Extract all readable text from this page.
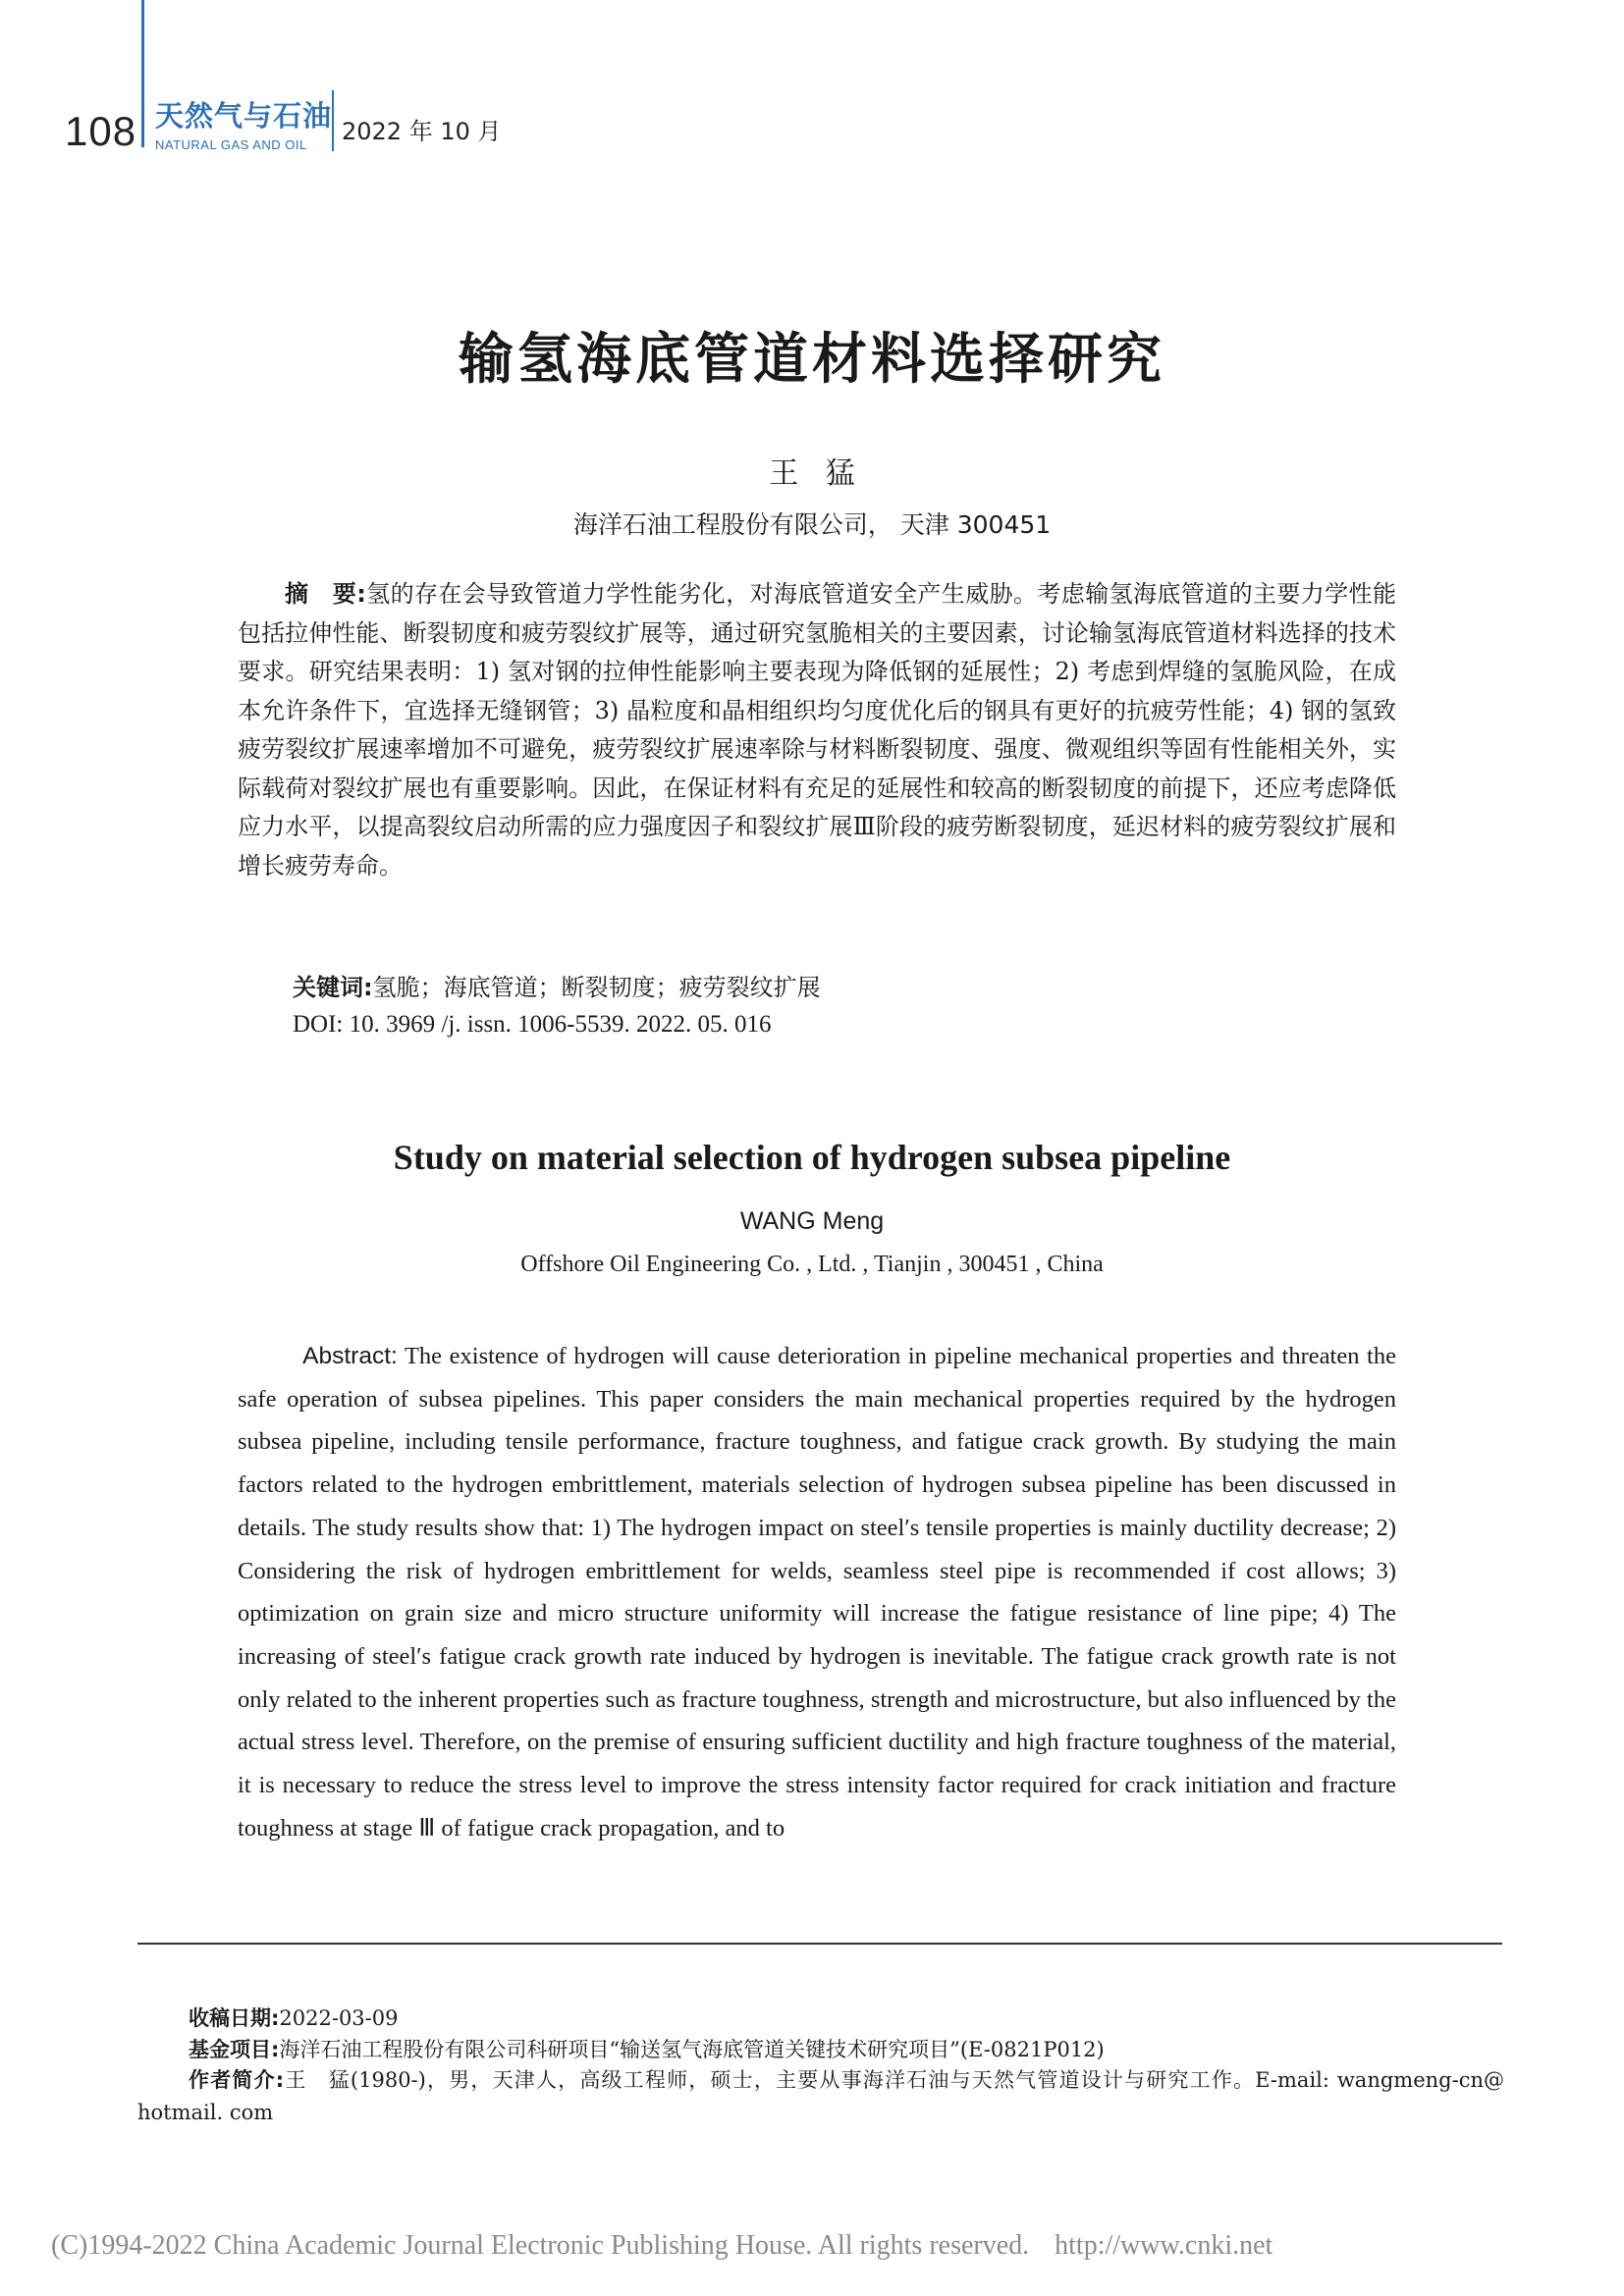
108 天然气与石油
NATURAL GAS AND OIL 2022 年 10 月
输氢海底管道材料选择研究
王 猛
海洋石油工程股份有限公司， 天津 300451
摘　要:氢的存在会导致管道力学性能劣化，对海底管道安全产生威胁。考虑输氢海底管道的主要力学性能包括拉伸性能、断裂韧度和疲劳裂纹扩展等，通过研究氢脆相关的主要因素，讨论输氢海底管道材料选择的技术要求。研究结果表明：1) 氢对钢的拉伸性能影响主要表现为降低钢的延展性；2) 考虑到焊缝的氢脆风险，在成本允许条件下，宜选择无缝钢管；3) 晶粒度和晶相组织均匀度优化后的钢具有更好的抗疲劳性能；4) 钢的氢致疲劳裂纹扩展速率增加不可避免，疲劳裂纹扩展速率除与材料断裂韧度、强度、微观组织等固有性能相关外，实际载荷对裂纹扩展也有重要影响。因此，在保证材料有充足的延展性和较高的断裂韧度的前提下，还应考虑降低应力水平，以提高裂纹启动所需的应力强度因子和裂纹扩展Ⅲ阶段的疲劳断裂韧度，延迟材料的疲劳裂纹扩展和增长疲劳寿命。
关键词:氢脆；海底管道；断裂韧度；疲劳裂纹扩展
DOI: 10. 3969 /j. issn. 1006-5539. 2022. 05. 016
Study on material selection of hydrogen subsea pipeline
WANG Meng
Offshore Oil Engineering Co. , Ltd. , Tianjin , 300451 , China
Abstract: The existence of hydrogen will cause deterioration in pipeline mechanical properties and threaten the safe operation of subsea pipelines. This paper considers the main mechanical properties required by the hydrogen subsea pipeline, including tensile performance, fracture toughness, and fatigue crack growth. By studying the main factors related to the hydrogen embrittlement, materials selection of hydrogen subsea pipeline has been discussed in details. The study results show that: 1) The hydrogen impact on steel′s tensile properties is mainly ductility decrease; 2) Considering the risk of hydrogen embrittlement for welds, seamless steel pipe is recommended if cost allows; 3) optimization on grain size and micro structure uniformity will increase the fatigue resistance of line pipe; 4) The increasing of steel′s fatigue crack growth rate induced by hydrogen is inevitable. The fatigue crack growth rate is not only related to the inherent properties such as fracture toughness, strength and microstructure, but also influenced by the actual stress level. Therefore, on the premise of ensuring sufficient ductility and high fracture toughness of the material, it is necessary to reduce the stress level to improve the stress intensity factor required for crack initiation and fracture toughness at stage Ⅲ of fatigue crack propagation, and to
收稿日期:2022-03-09
基金项目:海洋石油工程股份有限公司科研项目“输送氢气海底管道关键技术研究项目”(E-0821P012)
作者简介:王　猛(1980-)，男，天津人，高级工程师，硕士，主要从事海洋石油与天然气管道设计与研究工作。E-mail: wangmeng-cn@ hotmail. com
(C)1994-2022 China Academic Journal Electronic Publishing House. All rights reserved. http://www.cnki.net
